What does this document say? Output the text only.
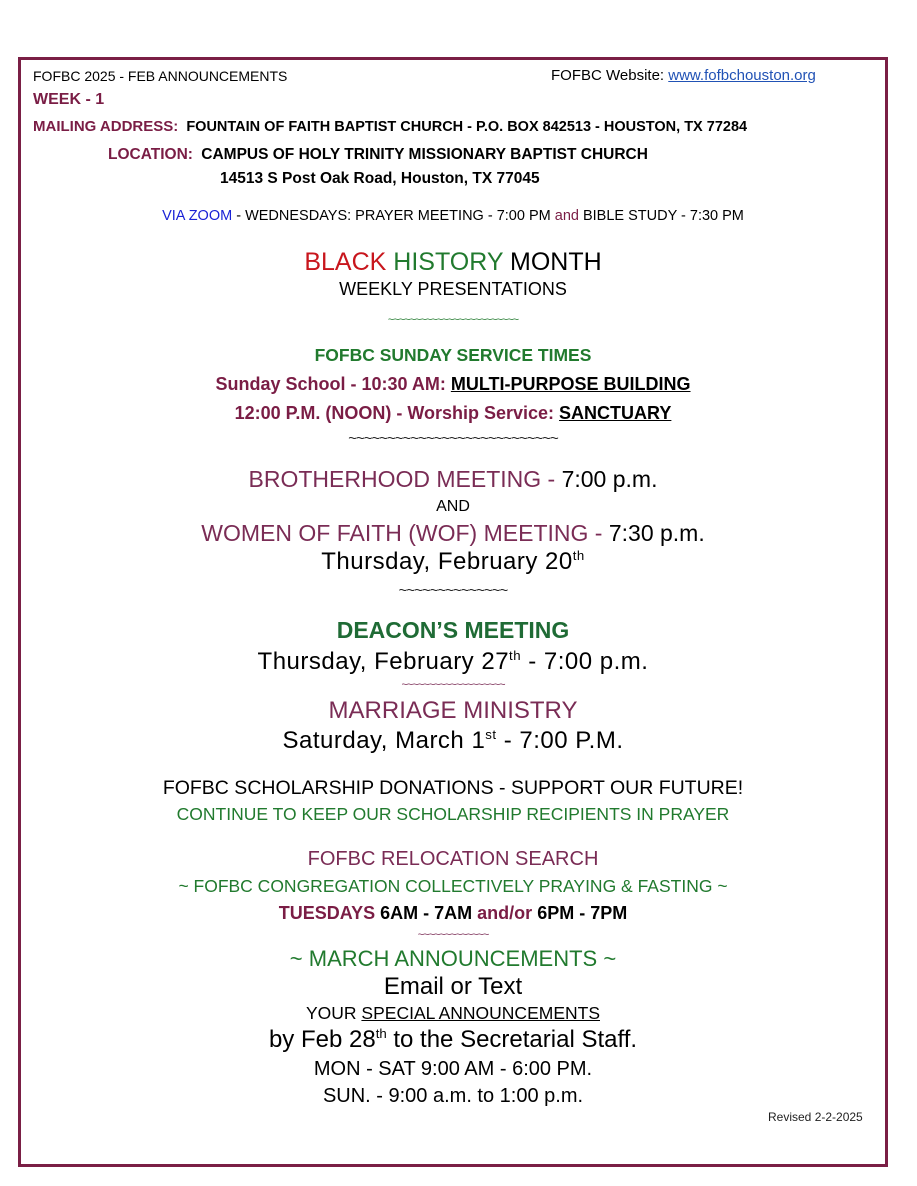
FOFBC 2025 - FEB ANNOUNCEMENTS	FOFBC Website: www.fofbchouston.org
WEEK - 1
MAILING ADDRESS: FOUNTAIN OF FAITH BAPTIST CHURCH - P.O. BOX 842513 - HOUSTON, TX 77284
LOCATION: CAMPUS OF HOLY TRINITY MISSIONARY BAPTIST CHURCH
14513 S Post Oak Road, Houston, TX 77045
VIA ZOOM - WEDNESDAYS: PRAYER MEETING - 7:00 PM and BIBLE STUDY - 7:30 PM
BLACK HISTORY MONTH
WEEKLY PRESENTATIONS
~~~~~~~~~~~~~~~~~~~~~~~~
FOFBC SUNDAY SERVICE TIMES
Sunday School - 10:30 AM: MULTI-PURPOSE BUILDING
12:00 P.M. (NOON) - Worship Service: SANCTUARY
~~~~~~~~~~~~~~~~~~~~~~~~~~~
BROTHERHOOD MEETING - 7:00 p.m.
AND
WOMEN OF FAITH (WOF) MEETING - 7:30 p.m.
Thursday, February 20th
~~~~~~~~~~~~~~
DEACON’S MEETING
Thursday, February 27th - 7:00 p.m.
~~~~~~~~~~~~~~~~~~~
MARRIAGE MINISTRY
Saturday, March 1st - 7:00 P.M.
FOFBC SCHOLARSHIP DONATIONS - SUPPORT OUR FUTURE!
CONTINUE TO KEEP OUR SCHOLARSHIP RECIPIENTS IN PRAYER
FOFBC RELOCATION SEARCH
~ FOFBC CONGREGATION COLLECTIVELY PRAYING & FASTING ~
TUESDAYS 6AM - 7AM and/or 6PM - 7PM
~~~~~~~~~~~~~
~ MARCH ANNOUNCEMENTS ~
Email or Text
YOUR SPECIAL ANNOUNCEMENTS
by Feb 28th to the Secretarial Staff.
MON - SAT 9:00 AM - 6:00 PM.
SUN. - 9:00 a.m. to 1:00 p.m.
Revised 2-2-2025
